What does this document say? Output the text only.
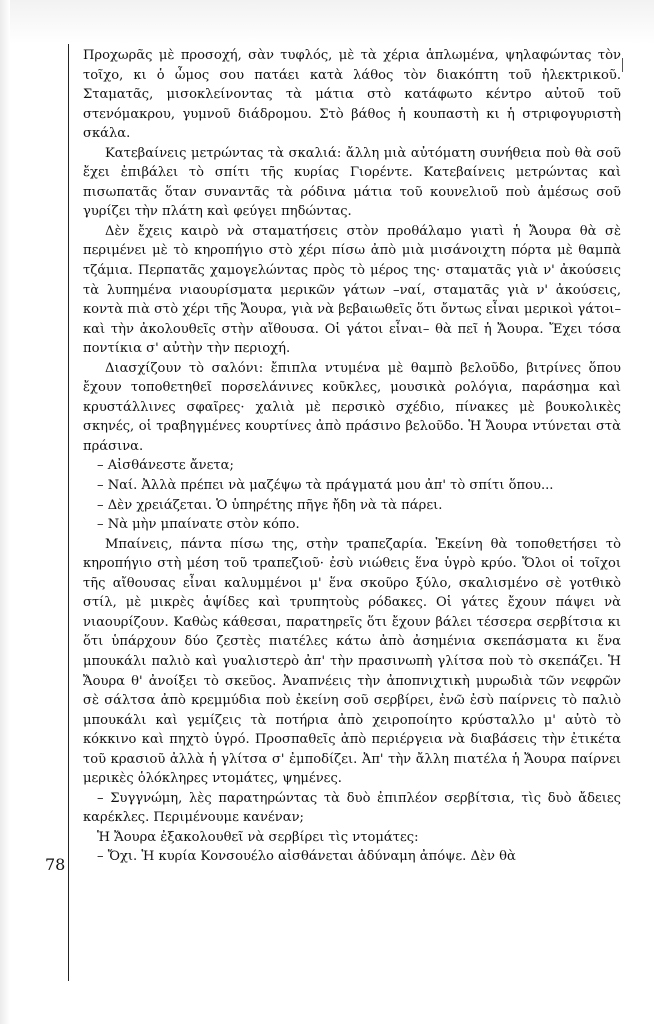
Προχωρᾶς μὲ προσοχή, σὰν τυφλός, μὲ τὰ χέρια ἁπλωμένα, ψηλαφώντας τὸν τοῖχο, κι ὁ ὦμος σου πατάει κατὰ λάθος τὸν διακόπτη τοῦ ἠλεκτρικοῦ. Σταματᾶς, μισοκλείνοντας τὰ μάτια στὸ κατάφωτο κέντρο αὐτοῦ τοῦ στενόμακρου, γυμνοῦ διάδρομου. Στὸ βάθος ἡ κουπαστὴ κι ἡ στριφογυριστὴ σκάλα.

Κατεβαίνεις μετρώντας τὰ σκαλιά: ἄλλη μιὰ αὐτόματη συνήθεια ποὺ θὰ σοῦ ἔχει ἐπιβάλει τὸ σπίτι τῆς κυρίας Γιορέντε. Κατεβαίνεις μετρώντας καὶ πισωπατᾶς ὅταν συναντᾶς τὰ ρόδινα μάτια τοῦ κουνελιοῦ ποὺ ἀμέσως σοῦ γυρίζει τὴν πλάτη καὶ φεύγει πηδώντας.

Δὲν ἔχεις καιρὸ νὰ σταματήσεις στὸν προθάλαμο γιατὶ ἡ Ἄουρα θὰ σὲ περιμένει μὲ τὸ κηροπήγιο στὸ χέρι πίσω ἀπὸ μιὰ μισάνοιχτη πόρτα μὲ θαμπὰ τζάμια. Περπατᾶς χαμογελώντας πρὸς τὸ μέρος της· σταματᾶς γιὰ ν' ἀκούσεις τὰ λυπημένα νιαουρίσματα μερικῶν γάτων –ναί, σταματᾶς γιὰ ν' ἀκούσεις, κοντὰ πιὰ στὸ χέρι τῆς Ἄουρα, γιὰ νὰ βεβαιωθεῖς ὅτι ὄντως εἶναι μερικοὶ γάτοι– καὶ τὴν ἀκολουθεῖς στὴν αἴθουσα. Οἱ γάτοι εἶναι– θὰ πεῖ ἡ Ἄουρα. Ἔχει τόσα ποντίκια σ' αὐτὴν τὴν περιοχή.

Διασχίζουν τὸ σαλόνι: ἔπιπλα ντυμένα μὲ θαμπὸ βελοῦδο, βιτρίνες ὅπου ἔχουν τοποθετηθεῖ πορσελάνινες κοῦκλες, μουσικὰ ρολόγια, παράσημα καὶ κρυστάλλινες σφαῖρες· χαλιὰ μὲ περσικὸ σχέδιο, πίνακες μὲ βουκολικὲς σκηνές, οἱ τραβηγμένες κουρτίνες ἀπὸ πράσινο βελοῦδο. Ἡ Ἄουρα ντύνεται στὰ πράσινα.

– Αἰσθάνεστε ἄνετα;

– Ναί. Ἀλλὰ πρέπει νὰ μαζέψω τὰ πράγματά μου ἀπ' τὸ σπίτι ὅπου...

– Δὲν χρειάζεται. Ὁ ὑπηρέτης πῆγε ἤδη νὰ τὰ πάρει.

– Νὰ μὴν μπαίνατε στὸν κόπο.

Μπαίνεις, πάντα πίσω της, στὴν τραπεζαρία. Ἐκείνη θὰ τοποθετήσει τὸ κηροπήγιο στὴ μέση τοῦ τραπεζιοῦ· ἐσὺ νιώθεις ἕνα ὑγρὸ κρύο. Ὅλοι οἱ τοῖχοι τῆς αἴθουσας εἶναι καλυμμένοι μ' ἕνα σκοῦρο ξύλο, σκαλισμένο σὲ γοτθικὸ στίλ, μὲ μικρὲς ἁψίδες καὶ τρυπητοὺς ρόδακες. Οἱ γάτες ἔχουν πάψει νὰ νιαουρίζουν. Καθὼς κάθεσαι, παρατηρεῖς ὅτι ἔχουν βάλει τέσσερα σερβίτσια κι ὅτι ὑπάρχουν δύο ζεστὲς πιατέλες κάτω ἀπὸ ἀσημένια σκεπάσματα κι ἕνα μπουκάλι παλιὸ καὶ γυαλιστερὸ ἀπ' τὴν πρασινωπὴ γλίτσα ποὺ τὸ σκεπάζει. Ἡ Ἄουρα θ' ἀνοίξει τὸ σκεῦος. Ἀναπνέεις τὴν ἀποπνιχτικὴ μυρωδιὰ τῶν νεφρῶν σὲ σάλτσα ἀπὸ κρεμμύδια ποὺ ἐκείνη σοῦ σερβίρει, ἐνῶ ἐσὺ παίρνεις τὸ παλιὸ μπουκάλι καὶ γεμίζεις τὰ ποτήρια ἀπὸ χειροποίητο κρύσταλλο μ' αὐτὸ τὸ κόκκινο καὶ πηχτὸ ὑγρό. Προσπαθεῖς ἀπὸ περιέργεια νὰ διαβάσεις τὴν ἐτικέτα τοῦ κρασιοῦ ἀλλὰ ἡ γλίτσα σ' ἐμποδίζει. Ἀπ' τὴν ἄλλη πιατέλα ἡ Ἄουρα παίρνει μερικὲς ὁλόκληρες ντομάτες, ψημένες.

– Συγγνώμη, λὲς παρατηρώντας τὰ δυὸ ἐπιπλέον σερβίτσια, τὶς δυὸ ἄδειες καρέκλες. Περιμένουμε κανέναν;

Ἡ Ἄουρα ἐξακολουθεῖ νὰ σερβίρει τὶς ντομάτες:

– Ὄχι. Ἡ κυρία Κονσουέλο αἰσθάνεται ἀδύναμη ἀπόψε. Δὲν θὰ

78
